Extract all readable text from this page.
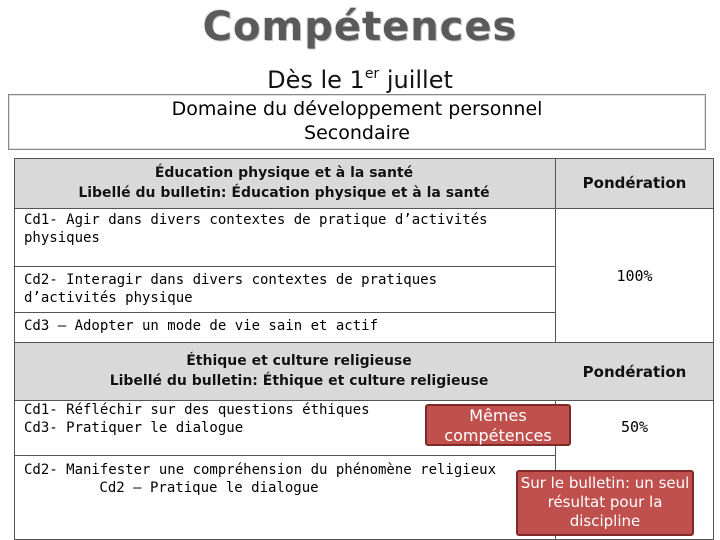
Compétences
Dès le 1er juillet
Domaine du développement personnel
Secondaire
Éducation physique et à la santé
Libellé du bulletin: Éducation physique et à la santé
Pondération
Cd1- Agir dans divers contextes de pratique d’activités physiques
Cd2- Interagir dans divers contextes de pratiques d’activités physique
Cd3 – Adopter un mode de vie sain et actif
100%
Éthique et culture religieuse
Libellé du bulletin: Éthique et culture religieuse	Pondération
Cd1- Réfléchir sur des questions éthiques
Cd3- Pratiquer le dialogue	50%
Cd2- Manifester une compréhension du phénomène religieux
Cd2 – Pratique le dialogue
Mêmes compétences
Sur le bulletin: un seul résultat pour la discipline
